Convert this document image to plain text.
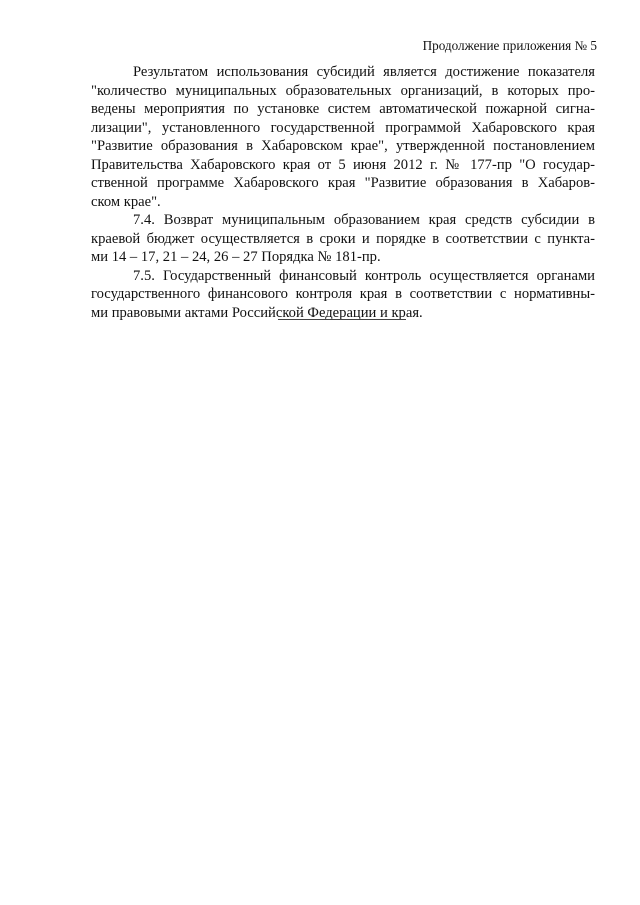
Продолжение приложения № 5
Результатом использования субсидий является достижение показателя
"количество муниципальных образовательных организаций, в которых про-
ведены мероприятия по установке систем автоматической пожарной сигна-
лизации", установленного государственной программой Хабаровского края
"Развитие образования в Хабаровском крае", утвержденной постановлением
Правительства Хабаровского края от 5 июня 2012 г. № 177-пр "О государ-
ственной программе Хабаровского края "Развитие образования в Хабаров-
ском крае".
7.4. Возврат муниципальным образованием края средств субсидии в
краевой бюджет осуществляется в сроки и порядке в соответствии с пункта-
ми 14 – 17, 21 – 24, 26 – 27 Порядка № 181-пр.
7.5. Государственный финансовый контроль осуществляется органами
государственного финансового контроля края в соответствии с нормативны-
ми правовыми актами Российской Федерации и края.
